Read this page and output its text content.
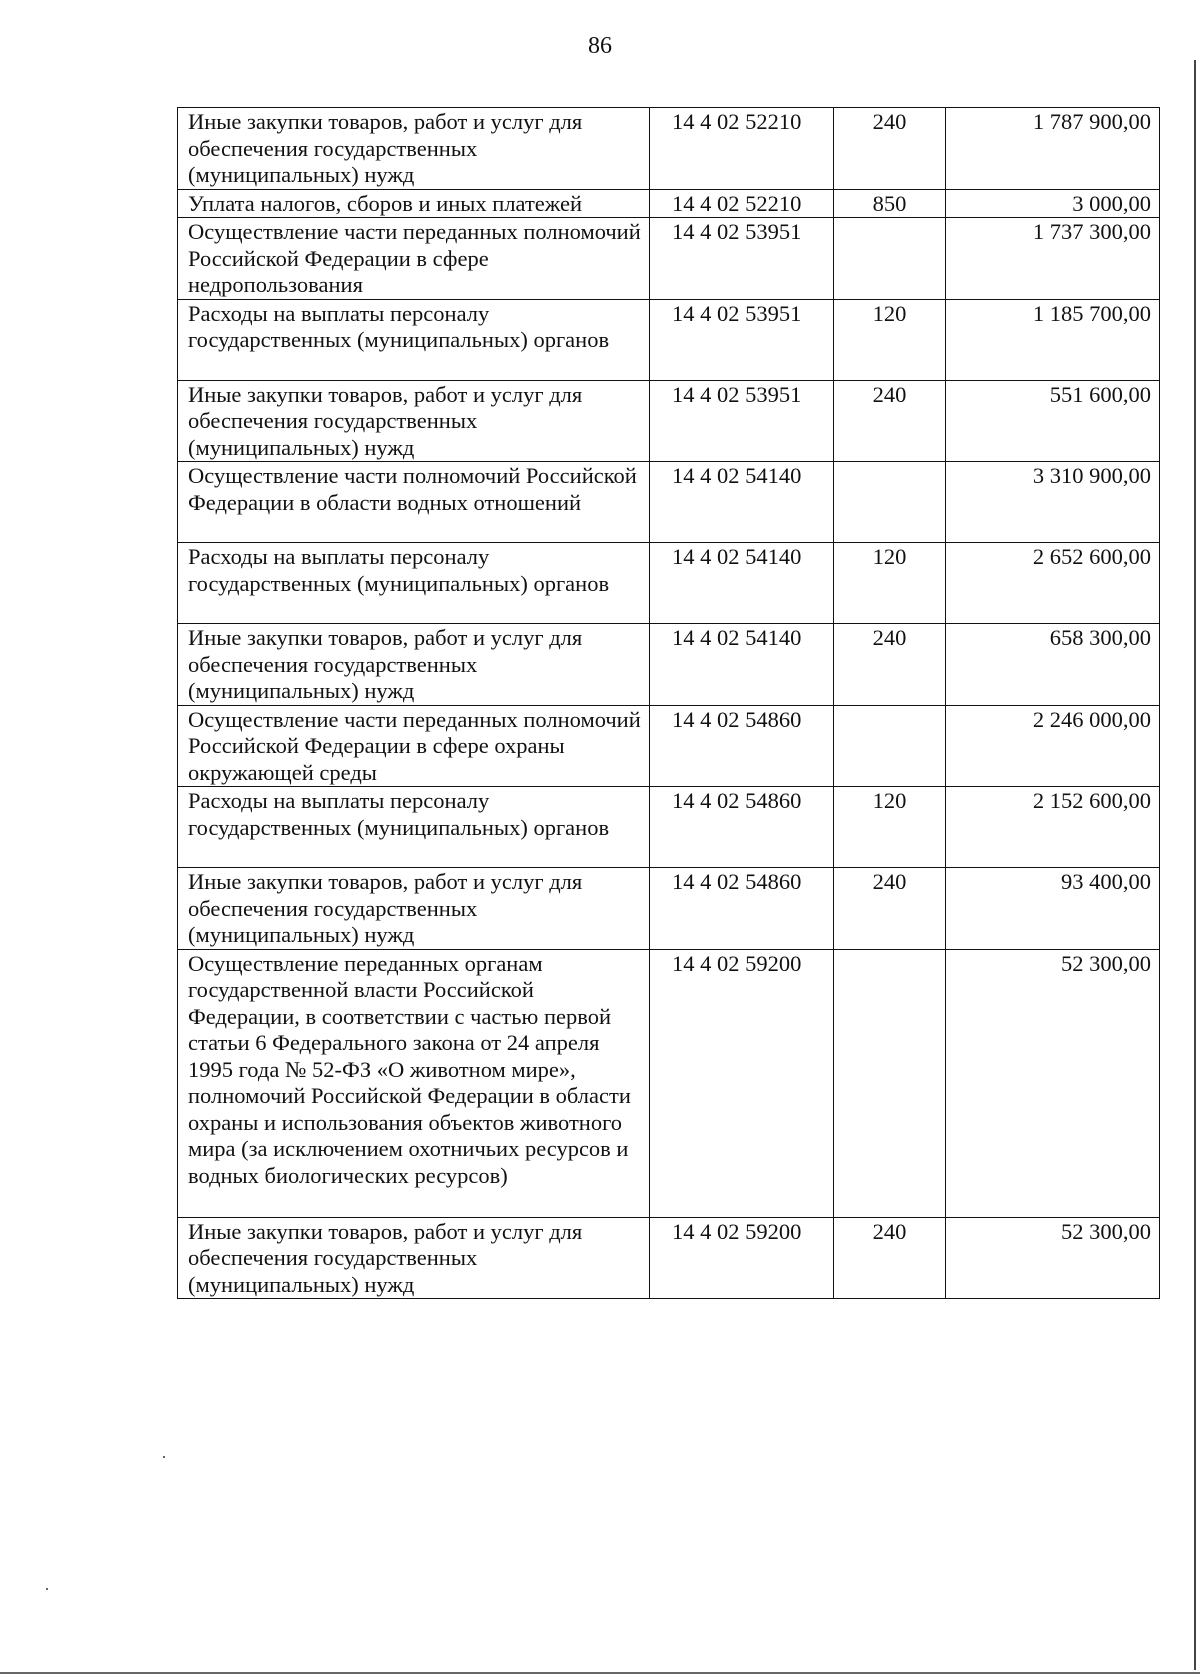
86
Иные закупки товаров, работ и услуг для обеспечения государственных (муниципальных) нужд	14 4 02 52210	240	1 787 900,00
Уплата налогов, сборов и иных платежей	14 4 02 52210	850	3 000,00
Осуществление части переданных полномочий Российской Федерации в сфере недропользования	14 4 02 53951		1 737 300,00
Расходы на выплаты персоналу государственных (муниципальных) органов	14 4 02 53951	120	1 185 700,00
Иные закупки товаров, работ и услуг для обеспечения государственных (муниципальных) нужд	14 4 02 53951	240	551 600,00
Осуществление части полномочий Российской Федерации в области водных отношений	14 4 02 54140		3 310 900,00
Расходы на выплаты персоналу государственных (муниципальных) органов	14 4 02 54140	120	2 652 600,00
Иные закупки товаров, работ и услуг для обеспечения государственных (муниципальных) нужд	14 4 02 54140	240	658 300,00
Осуществление части переданных полномочий Российской Федерации в сфере охраны окружающей среды	14 4 02 54860		2 246 000,00
Расходы на выплаты персоналу государственных (муниципальных) органов	14 4 02 54860	120	2 152 600,00
Иные закупки товаров, работ и услуг для обеспечения государственных (муниципальных) нужд	14 4 02 54860	240	93 400,00
Осуществление переданных органам государственной власти Российской Федерации, в соответствии с частью первой статьи 6 Федерального закона от 24 апреля 1995 года № 52-ФЗ «О животном мире», полномочий Российской Федерации в области охраны и использования объектов животного мира (за исключением охотничьих ресурсов и водных биологических ресурсов)	14 4 02 59200		52 300,00
Иные закупки товаров, работ и услуг для обеспечения государственных (муниципальных) нужд	14 4 02 59200	240	52 300,00
